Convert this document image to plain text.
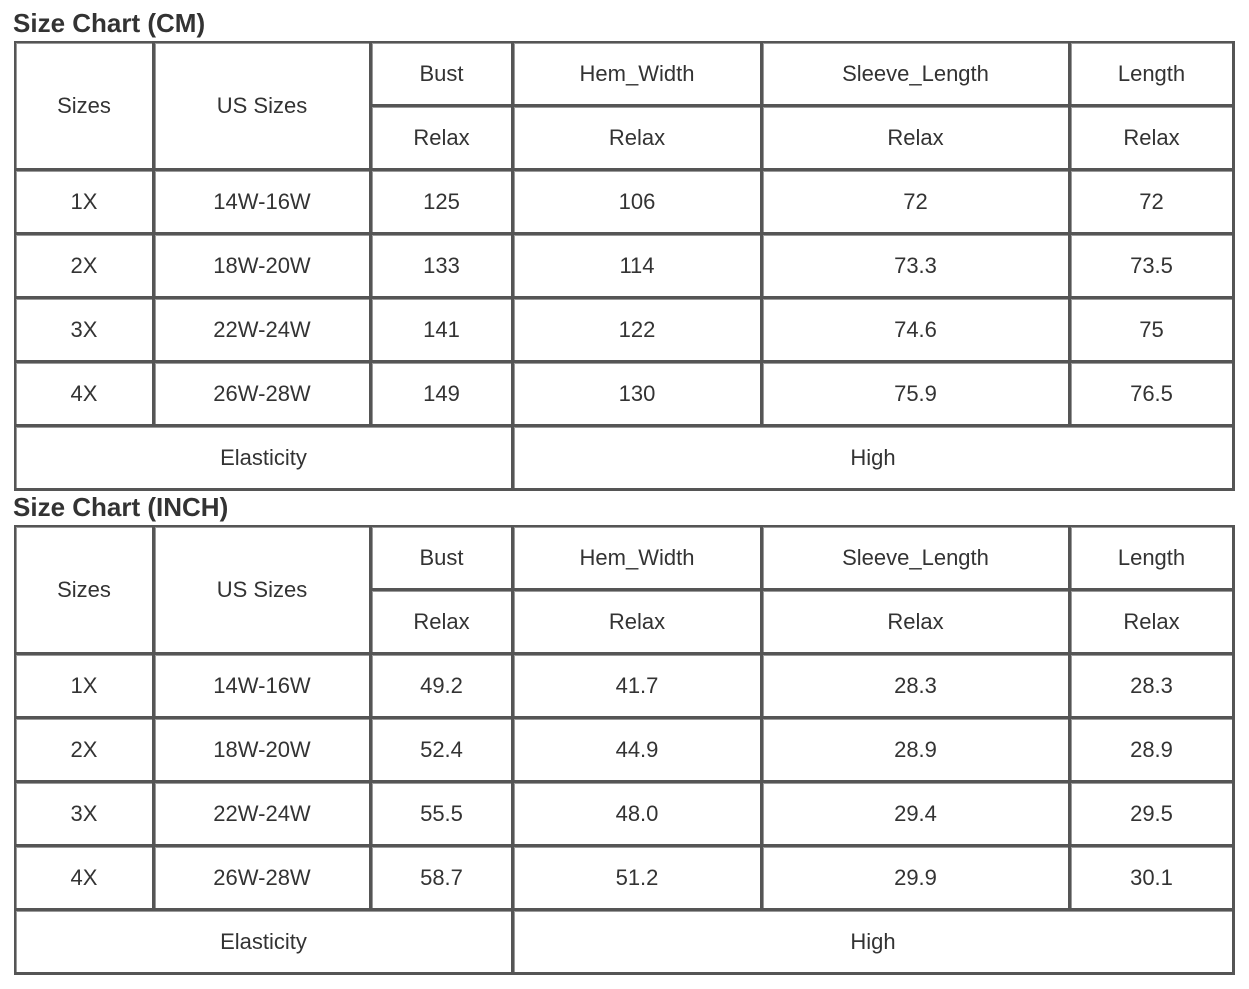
Size Chart (CM)
Sizes	US Sizes	Bust	Hem_Width	Sleeve_Length	Length
		Relax	Relax	Relax	Relax
1X	14W-16W	125	106	72	72
2X	18W-20W	133	114	73.3	73.5
3X	22W-24W	141	122	74.6	75
4X	26W-28W	149	130	75.9	76.5
Elasticity			High		
Size Chart (INCH)
Sizes	US Sizes	Bust	Hem_Width	Sleeve_Length	Length
		Relax	Relax	Relax	Relax
1X	14W-16W	49.2	41.7	28.3	28.3
2X	18W-20W	52.4	44.9	28.9	28.9
3X	22W-24W	55.5	48.0	29.4	29.5
4X	26W-28W	58.7	51.2	29.9	30.1
Elasticity			High		
